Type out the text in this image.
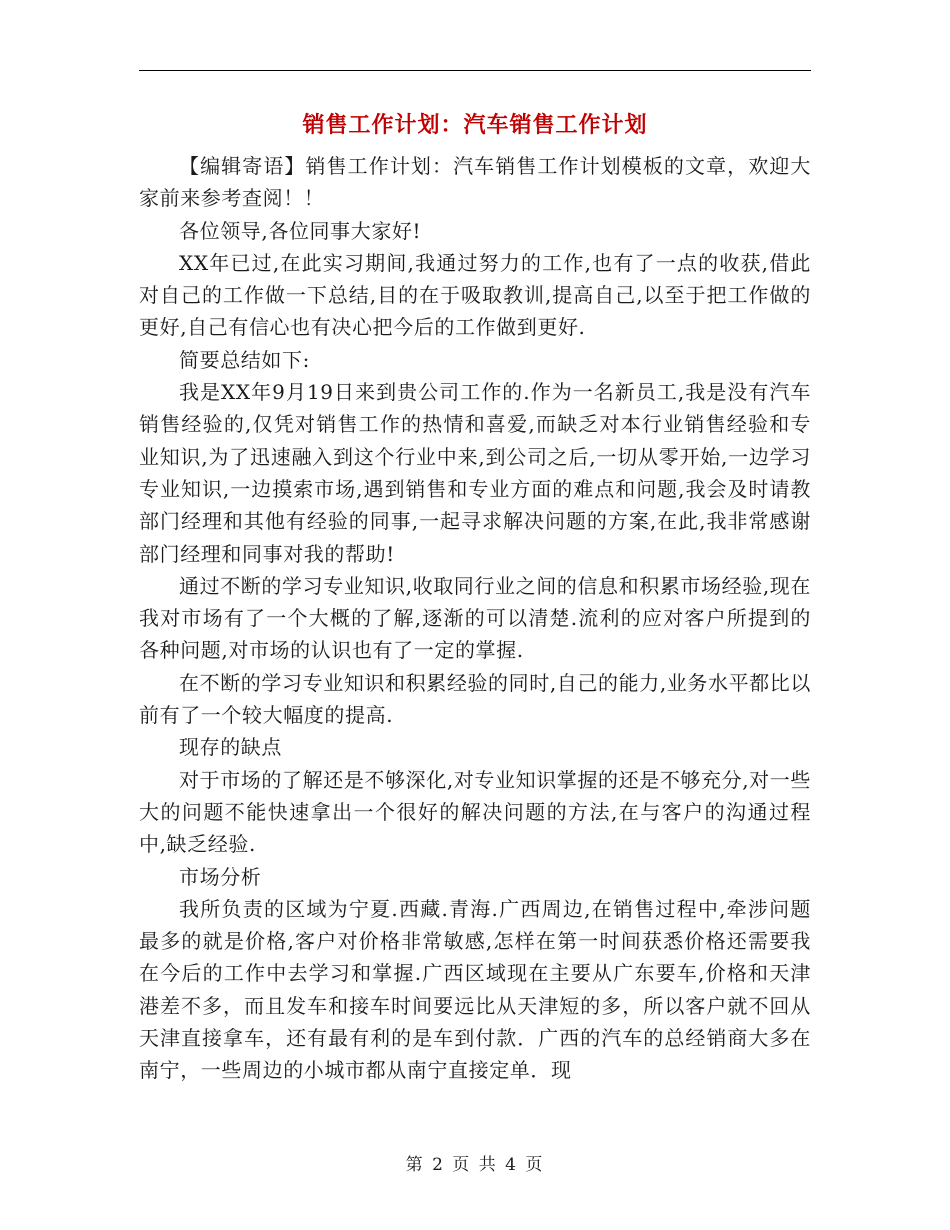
销售工作计划：汽车销售工作计划

【编辑寄语】销售工作计划：汽车销售工作计划模板的文章，欢迎大家前来参考查阅！！

各位领导,各位同事大家好!

XX年已过,在此实习期间,我通过努力的工作,也有了一点的收获,借此对自己的工作做一下总结,目的在于吸取教训,提高自己,以至于把工作做的更好,自己有信心也有决心把今后的工作做到更好.

简要总结如下:

我是XX年9月19日来到贵公司工作的.作为一名新员工,我是没有汽车销售经验的,仅凭对销售工作的热情和喜爱,而缺乏对本行业销售经验和专业知识,为了迅速融入到这个行业中来,到公司之后,一切从零开始,一边学习专业知识,一边摸索市场,遇到销售和专业方面的难点和问题,我会及时请教部门经理和其他有经验的同事,一起寻求解决问题的方案,在此,我非常感谢部门经理和同事对我的帮助!

通过不断的学习专业知识,收取同行业之间的信息和积累市场经验,现在我对市场有了一个大概的了解,逐渐的可以清楚.流利的应对客户所提到的各种问题,对市场的认识也有了一定的掌握.

在不断的学习专业知识和积累经验的同时,自己的能力,业务水平都比以前有了一个较大幅度的提高.

现存的缺点

对于市场的了解还是不够深化,对专业知识掌握的还是不够充分,对一些大的问题不能快速拿出一个很好的解决问题的方法,在与客户的沟通过程中,缺乏经验.

市场分析

我所负责的区域为宁夏.西藏.青海.广西周边,在销售过程中,牵涉问题最多的就是价格,客户对价格非常敏感,怎样在第一时间获悉价格还需要我在今后的工作中去学习和掌握.广西区域现在主要从广东要车,价格和天津港差不多，而且发车和接车时间要远比从天津短的多，所以客户就不回从天津直接拿车，还有最有利的是车到付款．广西的汽车的总经销商大多在南宁，一些周边的小城市都从南宁直接定单．现

第 2 页 共 4 页
